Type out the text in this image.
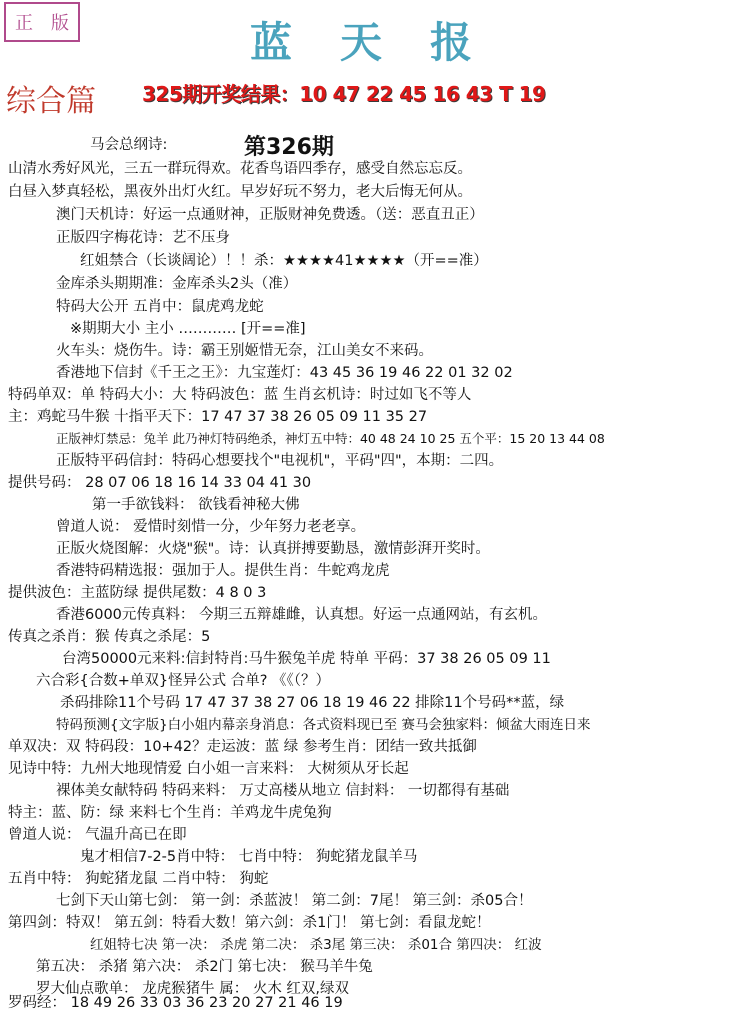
正 版	蓝天报
综合篇 325期开奖结果：10 47 22 45 16 43 T 19
第326期
马会总纲诗:
山清水秀好风光，三五一群玩得欢。花香鸟语四季存，感受自然忘忘反。
白昼入梦真轻松，黑夜外出灯火红。早岁好玩不努力，老大后悔无何从。
澳门天机诗：好运一点通财神，正版财神免费透。（送：恶直丑正）
正版四字梅花诗：艺不压身
红姐禁合（长谈阔论）！！杀：★★★★41★★★★（开==准）
金库杀头期期准：金库杀头2头（准）
特码大公开 五肖中：鼠虎鸡龙蛇
※期期大小 主小 ………… [开==准]
火车头：烧伤牛。诗：霸王别姬惜无奈，江山美女不来码。
香港地下信封《千王之王》：九宝莲灯：43 45 36 19 46 22 01 32 02
特码单双：单 特码大小：大 特码波色：蓝 生肖玄机诗：时过如飞不等人
主：鸡蛇马牛猴 十指平天下：17 47 37 38 26 05 09 11 35 27
正版神灯禁忌：兔羊 此乃神灯特码绝杀，神灯五中特：40 48 24 10 25 五个平：15 20 13 44 08
正版特平码信封：特码心想要找个"电视机"，平码"四"，本期：二四。
提供号码： 28 07 06 18 16 14 33 04 41 30
第一手欲钱料： 欲钱看神秘大佛
曾道人说： 爱惜时刻惜一分，少年努力老老享。
正版火烧图解：火烧"猴"。诗：认真拼搏要勤恳，激情彭湃开奖时。
香港特码精选报：强加于人。提供生肖：牛蛇鸡龙虎
提供波色：主蓝防绿 提供尾数：4 8 0 3
香港6000元传真料： 今期三五辩雄雌，认真想。好运一点通网站，有玄机。
传真之杀肖：猴 传真之杀尾：5
台湾50000元来料:信封特肖:马牛猴兔羊虎 特单 平码：37 38 26 05 09 11
六合彩{合数+单双}怪异公式 合单? 《《（？）
杀码排除11个号码 17 47 37 38 27 06 18 19 46 22 排除11个号码**蓝，绿
特码预测{文字版}白小姐内幕亲身消息：各式资料现已至 赛马会独家料：倾盆大雨连日来
单双决：双 特码段：10+42？走运波：蓝 绿 参考生肖：团结一致共抵御
见诗中特：九州大地现情爱 白小姐一言来料： 大树须从牙长起
裸体美女献特码 特码来料： 万丈高楼从地立 信封料： 一切都得有基础
特主：蓝、防：绿 来料七个生肖：羊鸡龙牛虎兔狗
曾道人说： 气温升高已在即
鬼才相信7-2-5肖中特： 七肖中特： 狗蛇猪龙鼠羊马
五肖中特： 狗蛇猪龙鼠 二肖中特： 狗蛇
七剑下天山第七剑： 第一剑：杀蓝波！ 第二剑：7尾！ 第三剑：杀05合！
第四剑：特双！ 第五剑：特看大数！第六剑：杀1门！ 第七剑：看鼠龙蛇！
红姐特七决 第一决： 杀虎 第二决： 杀3尾 第三决： 杀01合 第四决： 红波
第五决： 杀猪 第六决： 杀2门 第七决： 猴马羊牛兔
罗大仙点歌单： 龙虎猴猪牛 属： 火木 红双,绿双
罗码经： 18 49 26 33 03 36 23 20 27 21 46 19
